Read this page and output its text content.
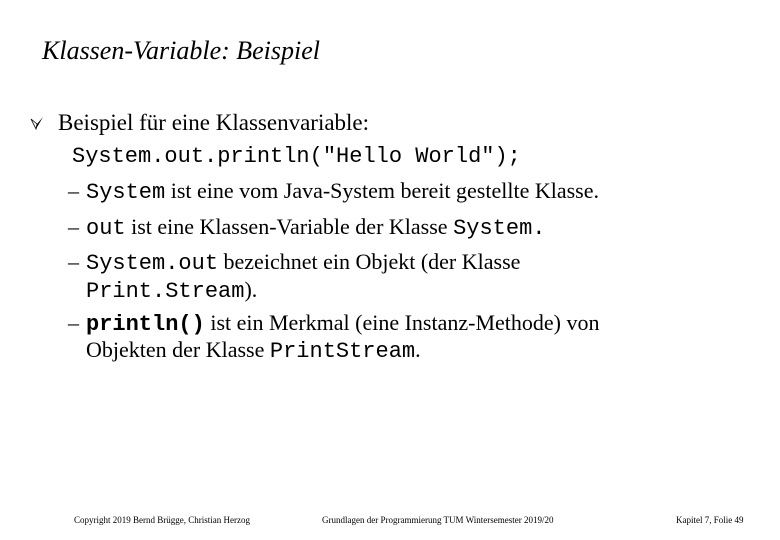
Klassen-Variable: Beispiel
Beispiel für eine Klassenvariable:
System.out.println("Hello World");
– System ist eine vom Java-System bereit gestellte Klasse.
– out ist eine Klassen-Variable der Klasse System.
– System.out bezeichnet ein Objekt (der Klasse
Print.Stream).
– println() ist ein Merkmal (eine Instanz-Methode) von
Objekten der Klasse PrintStream.
Copyright 2019 Bernd Brügge, Christian Herzog	Grundlagen der Programmierung TUM Wintersemester 2019/20	Kapitel 7, Folie 49
